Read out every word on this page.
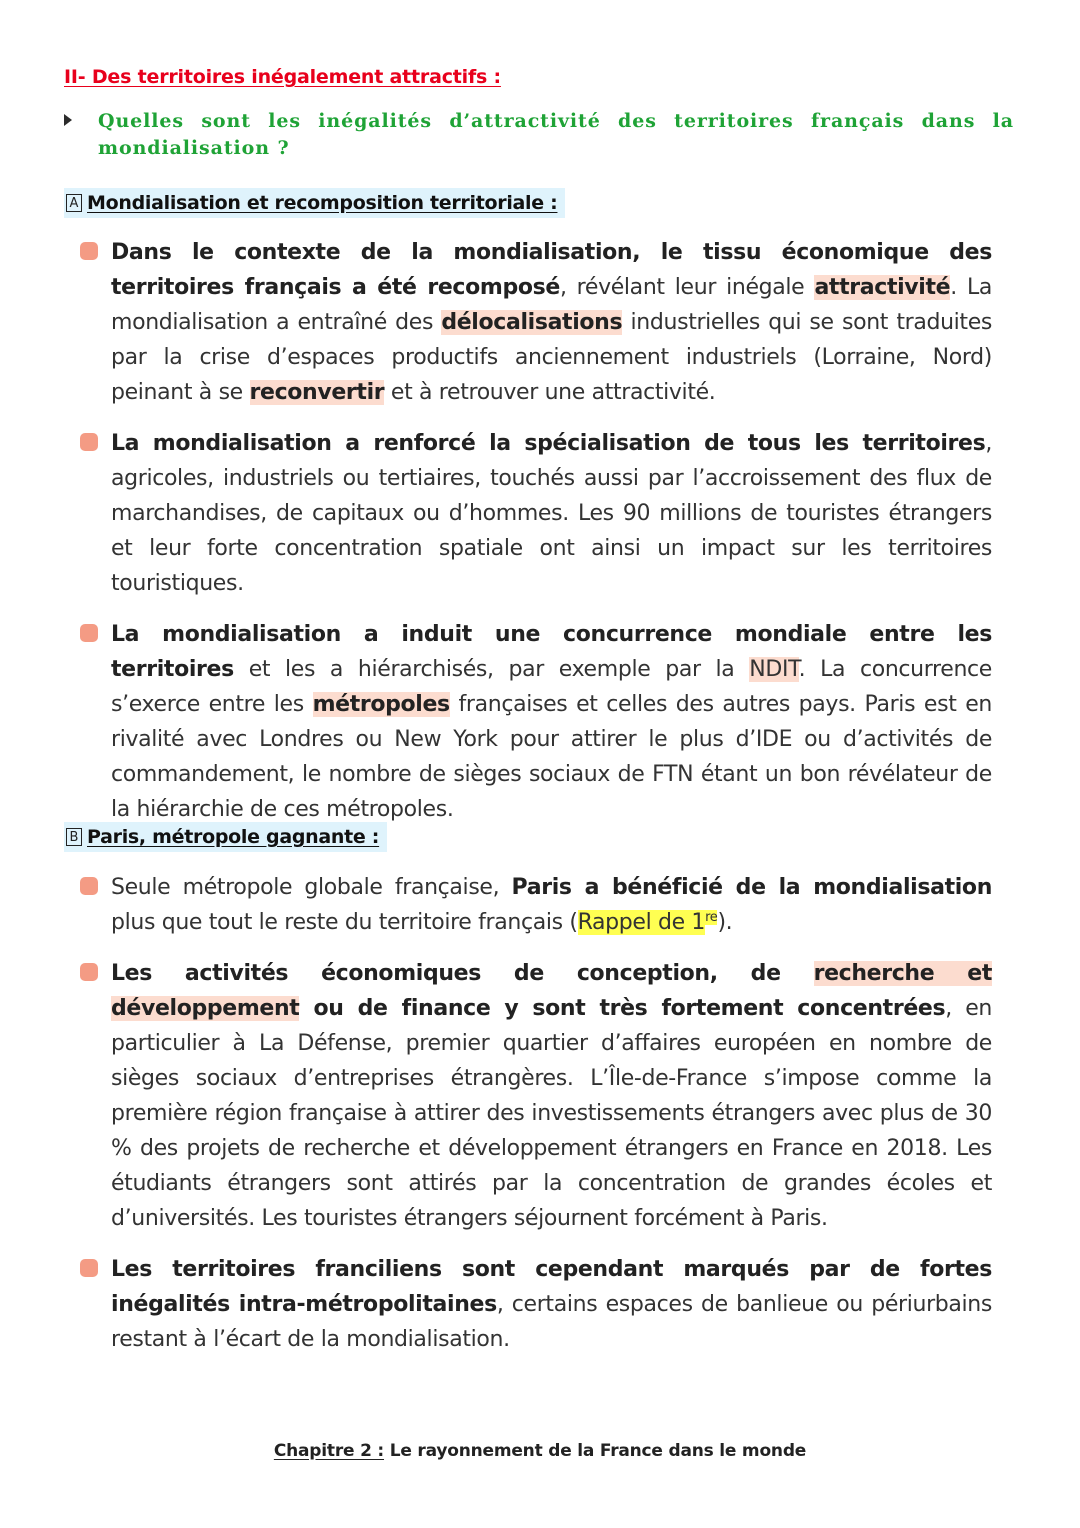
II- Des territoires inégalement attractifs :

Quelles sont les inégalités d’attractivité des territoires français dans la mondialisation ?

A Mondialisation et recomposition territoriale :

Dans le contexte de la mondialisation, le tissu économique des territoires français a été recomposé, révélant leur inégale attractivité. La mondialisation a entraîné des délocalisations industrielles qui se sont traduites par la crise d’espaces productifs anciennement industriels (Lorraine, Nord) peinant à se reconvertir et à retrouver une attractivité.

La mondialisation a renforcé la spécialisation de tous les territoires, agricoles, industriels ou tertiaires, touchés aussi par l’accroissement des flux de marchandises, de capitaux ou d’hommes. Les 90 millions de touristes étrangers et leur forte concentration spatiale ont ainsi un impact sur les territoires touristiques.

La mondialisation a induit une concurrence mondiale entre les territoires et les a hiérarchisés, par exemple par la NDIT. La concurrence s’exerce entre les métropoles françaises et celles des autres pays. Paris est en rivalité avec Londres ou New York pour attirer le plus d’IDE ou d’activités de commandement, le nombre de sièges sociaux de FTN étant un bon révélateur de la hiérarchie de ces métropoles.

B Paris, métropole gagnante :

Seule métropole globale française, Paris a bénéficié de la mondialisation plus que tout le reste du territoire français (Rappel de 1re).

Les activités économiques de conception, de recherche et développement ou de finance y sont très fortement concentrées, en particulier à La Défense, premier quartier d’affaires européen en nombre de sièges sociaux d’entreprises étrangères. L’Île-de-France s’impose comme la première région française à attirer des investissements étrangers avec plus de 30 % des projets de recherche et développement étrangers en France en 2018. Les étudiants étrangers sont attirés par la concentration de grandes écoles et d’universités. Les touristes étrangers séjournent forcément à Paris.

Les territoires franciliens sont cependant marqués par de fortes inégalités intra-métropolitaines, certains espaces de banlieue ou périurbains restant à l’écart de la mondialisation.

Chapitre 2 : Le rayonnement de la France dans le monde
